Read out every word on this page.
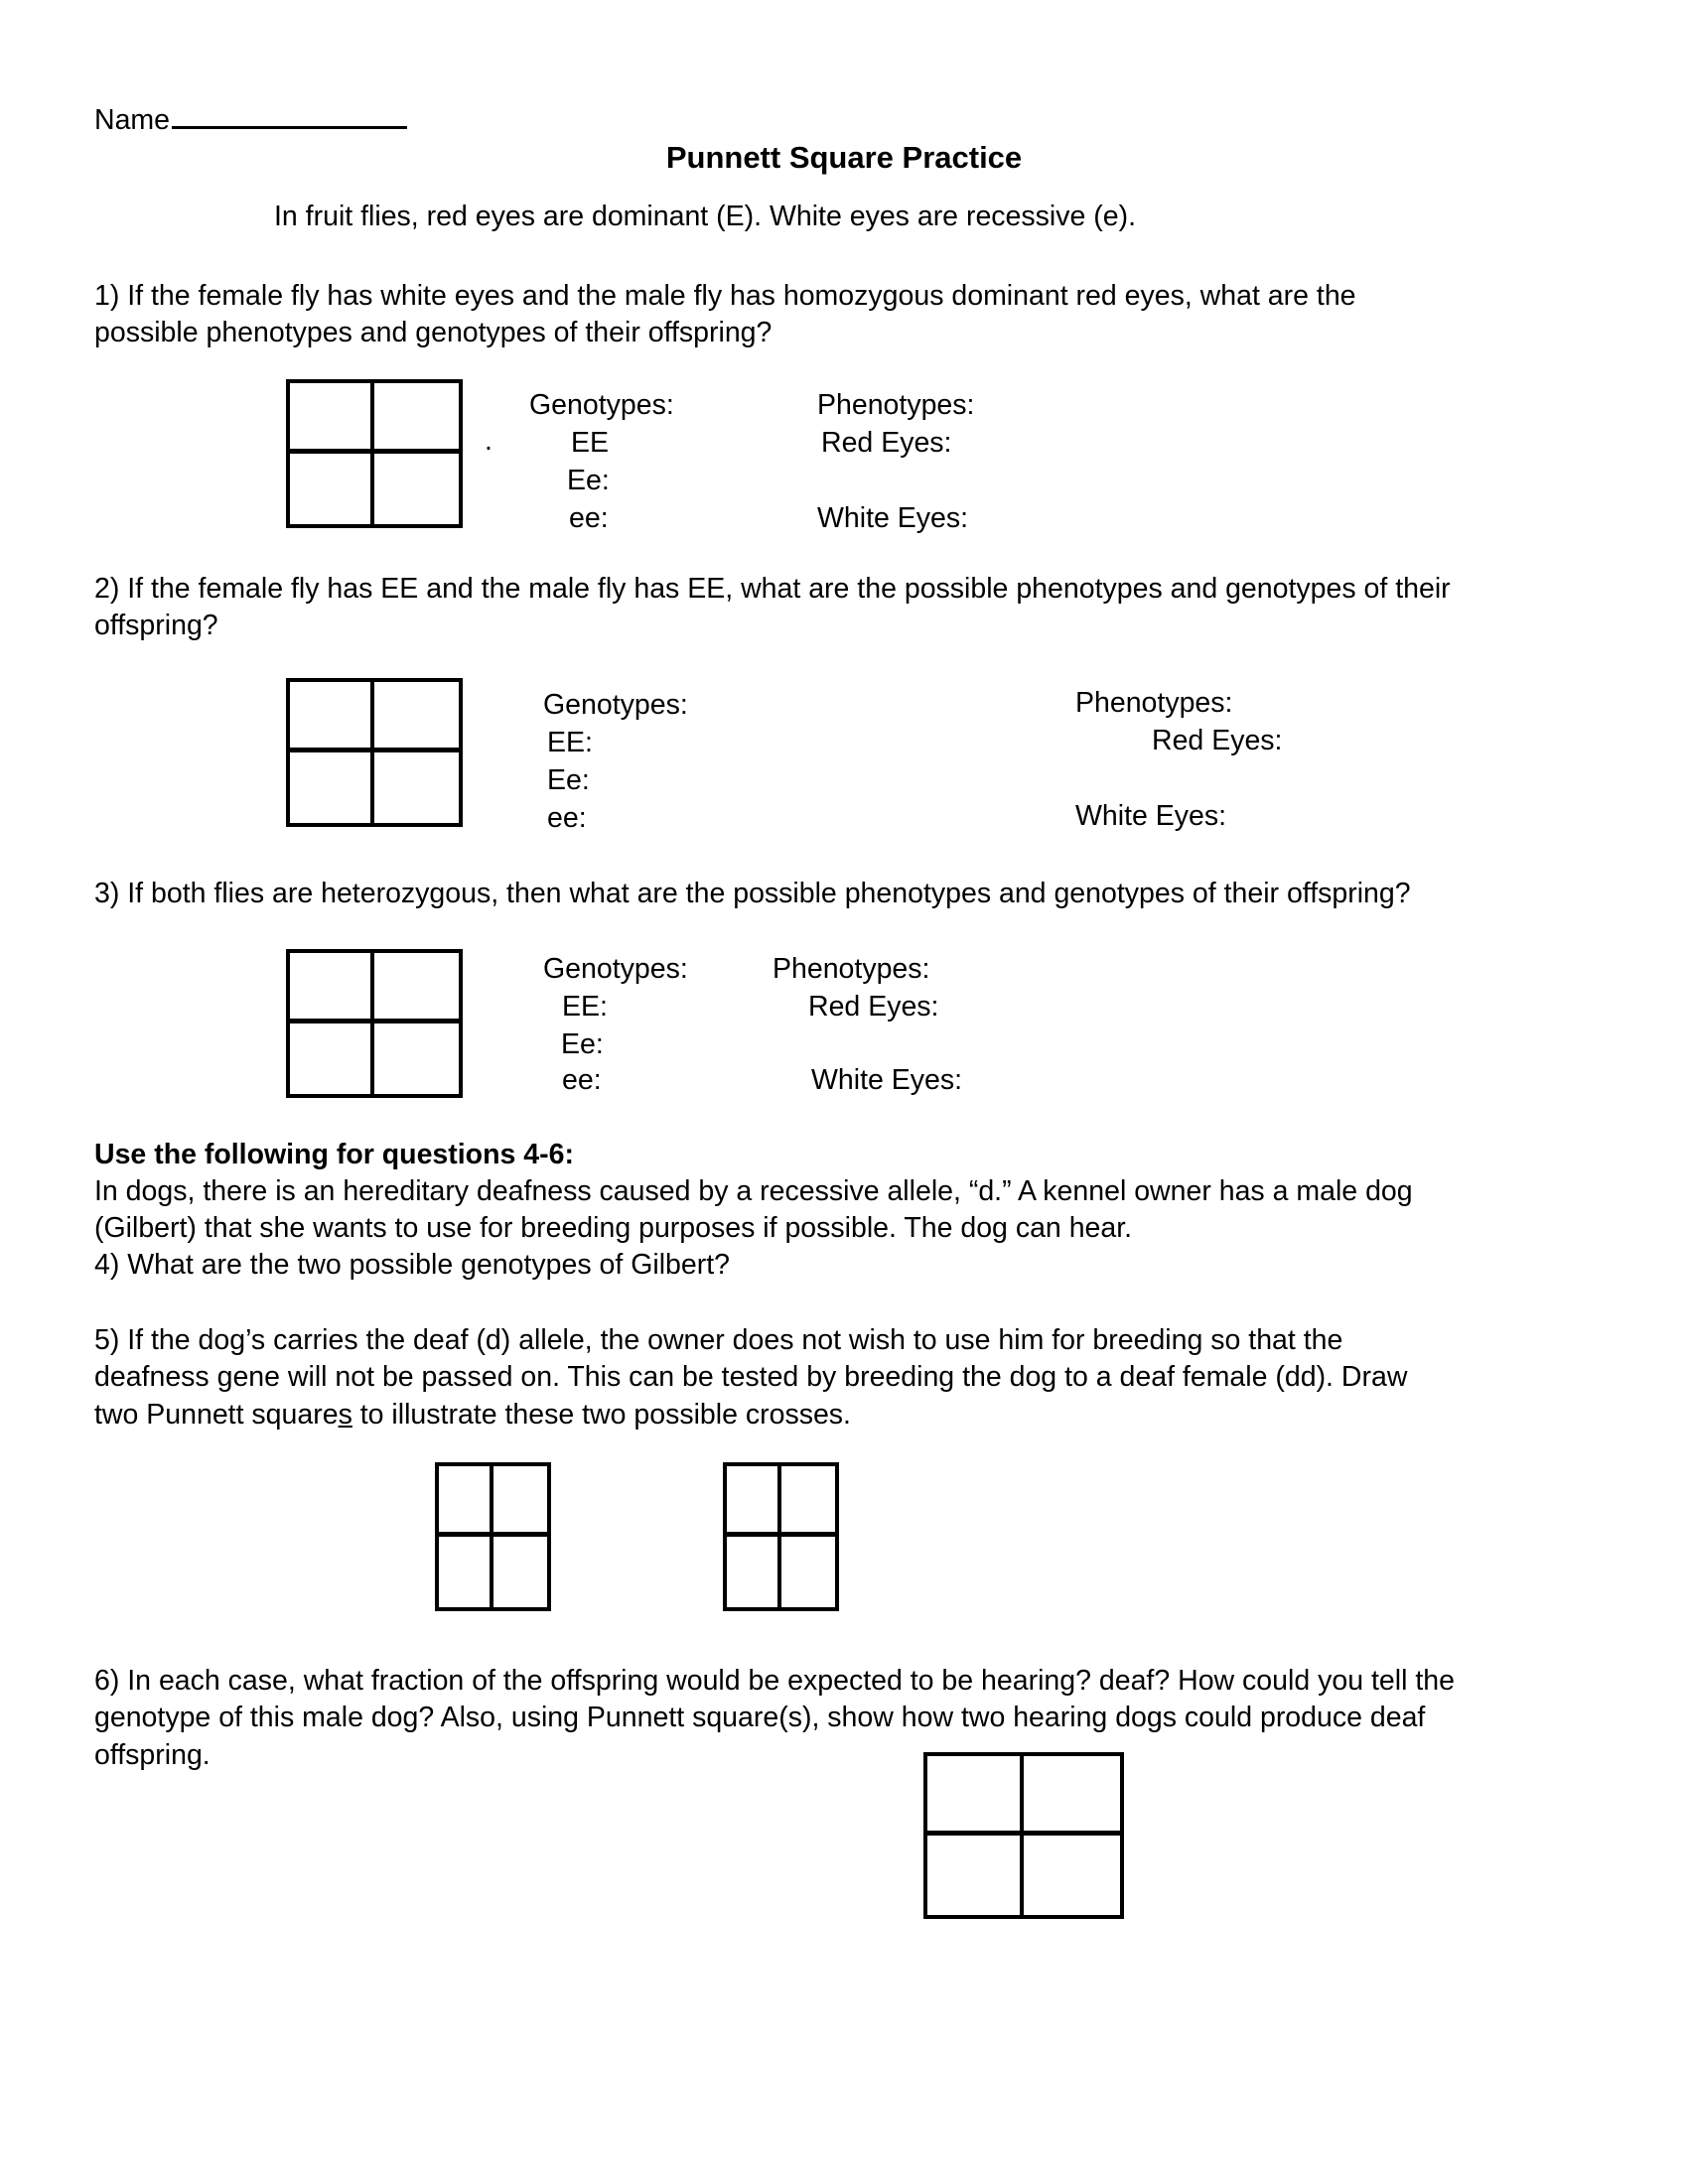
Name
Punnett Square Practice
In fruit flies, red eyes are dominant (E). White eyes are recessive (e).
1) If the female fly has white eyes and the male fly has homozygous dominant red eyes, what are the
possible phenotypes and genotypes of their offspring?
.
Genotypes:
EE
Ee:
ee:
Phenotypes:
Red Eyes:
White Eyes:
2) If the female fly has EE and the male fly has EE, what are the possible phenotypes and genotypes of their
offspring?
Genotypes:
EE:
Ee:
ee:
Phenotypes:
Red Eyes:
White Eyes:
3) If both flies are heterozygous, then what are the possible phenotypes and genotypes of their offspring?
Genotypes:
EE:
Ee:
ee:
Phenotypes:
Red Eyes:
White Eyes:
Use the following for questions 4-6:
In dogs, there is an hereditary deafness caused by a recessive allele, “d.” A kennel owner has a male dog
(Gilbert) that she wants to use for breeding purposes if possible. The dog can hear.
4) What are the two possible genotypes of Gilbert?
5) If the dog’s carries the deaf (d) allele, the owner does not wish to use him for breeding so that the
deafness gene will not be passed on. This can be tested by breeding the dog to a deaf female (dd). Draw
two Punnett squares to illustrate these two possible crosses.
6) In each case, what fraction of the offspring would be expected to be hearing? deaf? How could you tell the
genotype of this male dog? Also, using Punnett square(s), show how two hearing dogs could produce deaf
offspring.
